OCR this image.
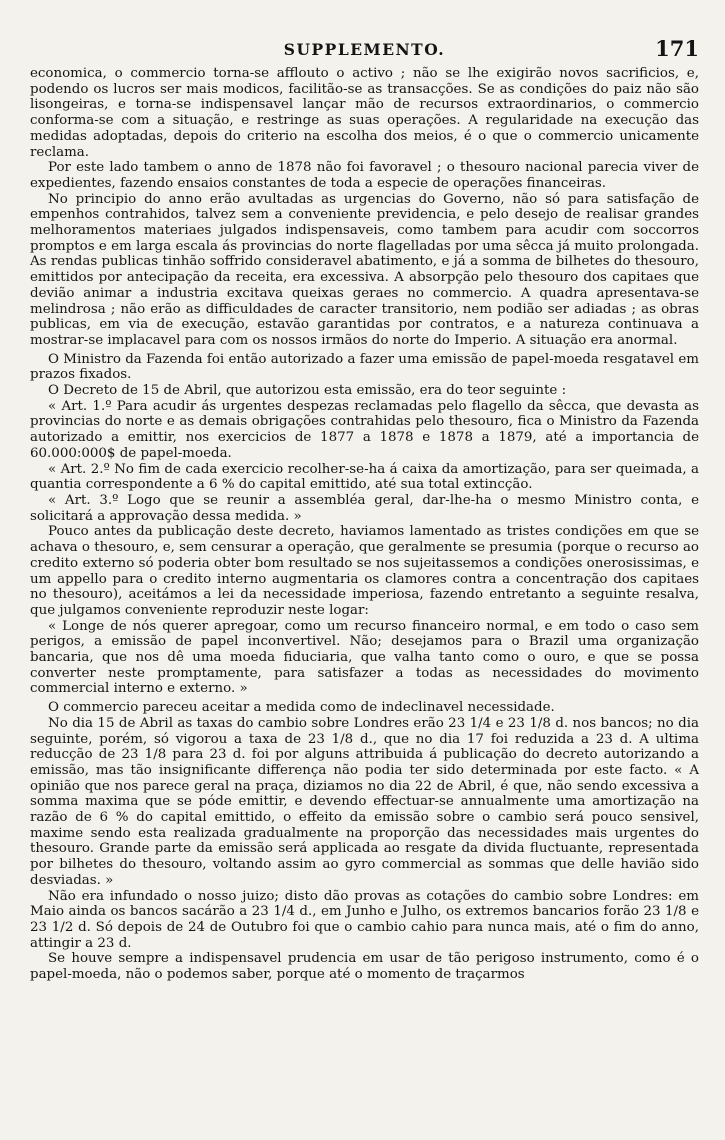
SUPPLEMENTO.	171

economica, o commercio torna-se afflouto o activo ; não se lhe exigirão novos sacrificios, e, podendo os lucros ser mais modicos, facilitão-se as transacções. Se as condições do paiz não são lisongeiras, e torna-se indispensavel lançar mão de recursos extraordinarios, o commercio conforma-se com a situação, e restringe as suas operações. A regularidade na execução das medidas adoptadas, depois do criterio na escolha dos meios, é o que o commercio unicamente reclama.

Por este lado tambem o anno de 1878 não foi favoravel ; o thesouro nacional parecia viver de expedientes, fazendo ensaios constantes de toda a especie de operações financeiras.

No principio do anno erão avultadas as urgencias do Governo, não só para satisfação de empenhos contrahidos, talvez sem a conveniente previdencia, e pelo desejo de realisar grandes melhoramentos materiaes julgados indispensaveis, como tambem para acudir com soccorros promptos e em larga escala ás provincias do norte flagelladas por uma sêcca já muito prolongada. As rendas publicas tinhão soffrido consideravel abatimento, e já a somma de bilhetes do thesouro, emittidos por antecipação da receita, era excessiva. A absorpção pelo thesouro dos capitaes que devião animar a industria excitava queixas geraes no commercio. A quadra apresentava-se melindrosa ; não erão as difficuldades de caracter transitorio, nem podião ser adiadas ; as obras publicas, em via de execução, estavão garantidas por contratos, e a natureza continuava a mostrar-se implacavel para com os nossos irmãos do norte do Imperio. A situação era anormal.

O Ministro da Fazenda foi então autorizado a fazer uma emissão de papel-moeda resgatavel em prazos fixados.

O Decreto de 15 de Abril, que autorizou esta emissão, era do teor seguinte :

« Art. 1.º Para acudir ás urgentes despezas reclamadas pelo flagello da sêcca, que devasta as provincias do norte e as demais obrigações contrahidas pelo thesouro, fica o Ministro da Fazenda autorizado a emittir, nos exercicios de 1877 a 1878 e 1878 a 1879, até a importancia de 60.000:000$ de papel-moeda.

« Art. 2.º No fim de cada exercicio recolher-se-ha á caixa da amortização, para ser queimada, a quantia correspondente a 6 % do capital emittido, até sua total extincção.

« Art. 3.º Logo que se reunir a assembléa geral, dar-lhe-ha o mesmo Ministro conta, e solicitará a approvação dessa medida. »

Pouco antes da publicação deste decreto, haviamos lamentado as tristes condições em que se achava o thesouro, e, sem censurar a operação, que geralmente se presumia (porque o recurso ao credito externo só poderia obter bom resultado se nos sujeitassemos a condições onerosissimas, e um appello para o credito interno augmentaria os clamores contra a concentração dos capitaes no thesouro), aceitámos a lei da necessidade imperiosa, fazendo entretanto a seguinte resalva, que julgamos conveniente reproduzir neste logar:

« Longe de nós querer apregoar, como um recurso financeiro normal, e em todo o caso sem perigos, a emissão de papel inconvertivel. Não; desejamos para o Brazil uma organização bancaria, que nos dê uma moeda fiduciaria, que valha tanto como o ouro, e que se possa converter neste promptamente, para satisfazer a todas as necessidades do movimento commercial interno e externo. »

O commercio pareceu aceitar a medida como de indeclinavel necessidade.

No dia 15 de Abril as taxas do cambio sobre Londres erão 23 1/4 e 23 1/8 d. nos bancos; no dia seguinte, porém, só vigorou a taxa de 23 1/8 d., que no dia 17 foi reduzida a 23 d. A ultima reducção de 23 1/8 para 23 d. foi por alguns attribuida á publicação do decreto autorizando a emissão, mas tão insignificante differença não podia ter sido determinada por este facto. « A opinião que nos parece geral na praça, diziamos no dia 22 de Abril, é que, não sendo excessiva a somma maxima que se póde emittir, e devendo effectuar-se annualmente uma amortização na razão de 6 % do capital emittido, o effeito da emissão sobre o cambio será pouco sensivel, maxime sendo esta realizada gradualmente na proporção das necessidades mais urgentes do thesouro. Grande parte da emissão será applicada ao resgate da divida fluctuante, representada por bilhetes do thesouro, voltando assim ao gyro commercial as sommas que delle havião sido desviadas. »

Não era infundado o nosso juizo; disto dão provas as cotações do cambio sobre Londres: em Maio ainda os bancos sacárão a 23 1/4 d., em Junho e Julho, os extremos bancarios forão 23 1/8 e 23 1/2 d. Só depois de 24 de Outubro foi que o cambio cahio para nunca mais, até o fim do anno, attingir a 23 d.

Se houve sempre a indispensavel prudencia em usar de tão perigoso instrumento, como é o papel-moeda, não o podemos saber, porque até o momento de traçarmos
